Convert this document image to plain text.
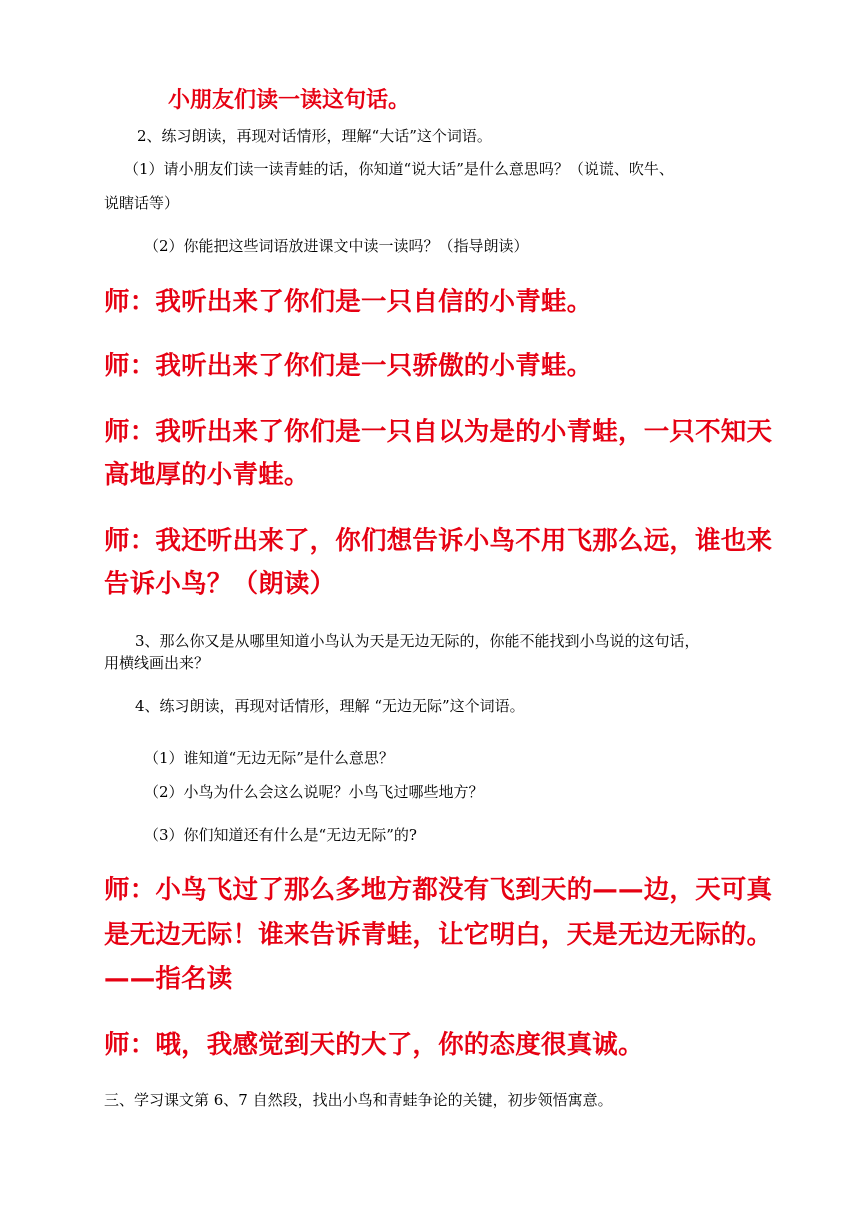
小朋友们读一读这句话。

2、练习朗读，再现对话情形，理解“大话”这个词语。

（1）请小朋友们读一读青蛙的话，你知道“说大话”是什么意思吗？（说谎、吹牛、

说瞎话等）

（2）你能把这些词语放进课文中读一读吗？（指导朗读）

师：我听出来了你们是一只自信的小青蛙。

师：我听出来了你们是一只骄傲的小青蛙。

师：我听出来了你们是一只自以为是的小青蛙，一只不知天

高地厚的小青蛙。

师：我还听出来了，你们想告诉小鸟不用飞那么远，谁也来

告诉小鸟？（朗读）

3、那么你又是从哪里知道小鸟认为天是无边无际的，你能不能找到小鸟说的这句话，

用横线画出来？

4、练习朗读，再现对话情形，理解 “无边无际”这个词语。

（1）谁知道“无边无际”是什么意思？

（2）小鸟为什么会这么说呢？小鸟飞过哪些地方？

（3）你们知道还有什么是“无边无际”的?

师：小鸟飞过了那么多地方都没有飞到天的——边，天可真

是无边无际！谁来告诉青蛙，让它明白，天是无边无际的。

——指名读

师：哦，我感觉到天的大了，你的态度很真诚。

三、学习课文第 6、7 自然段，找出小鸟和青蛙争论的关键，初步领悟寓意。
